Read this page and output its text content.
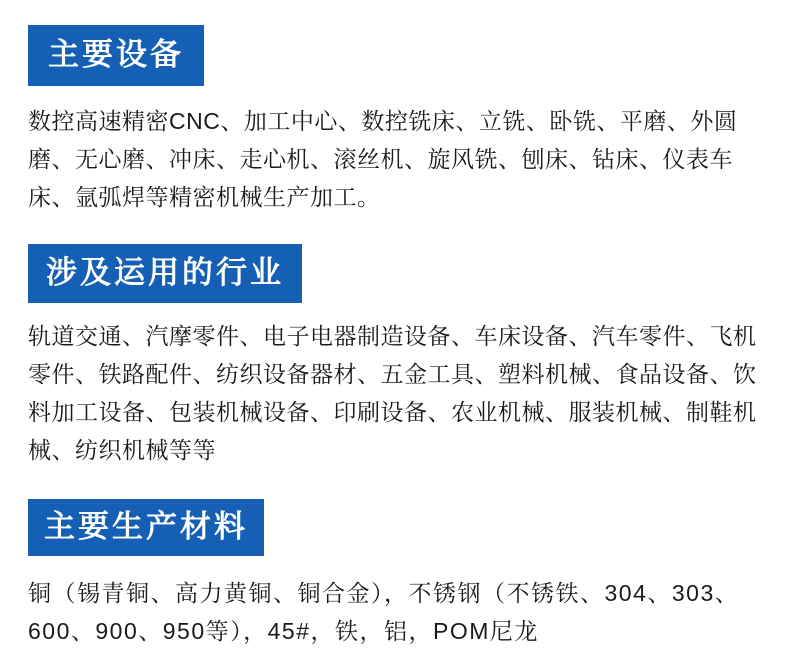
主要设备

数控高速精密CNC、加工中心、数控铣床、立铣、卧铣、平磨、外圆磨、无心磨、冲床、走心机、滚丝机、旋风铣、刨床、钻床、仪表车床、氩弧焊等精密机械生产加工。

涉及运用的行业

轨道交通、汽摩零件、电子电器制造设备、车床设备、汽车零件、飞机零件、铁路配件、纺织设备器材、五金工具、塑料机械、食品设备、饮料加工设备、包装机械设备、印刷设备、农业机械、服装机械、制鞋机械、纺织机械等等

主要生产材料

铜（锡青铜、高力黄铜、铜合金），不锈钢（不锈铁、304、303、600、900、950等），45#，铁，铝，POM尼龙
